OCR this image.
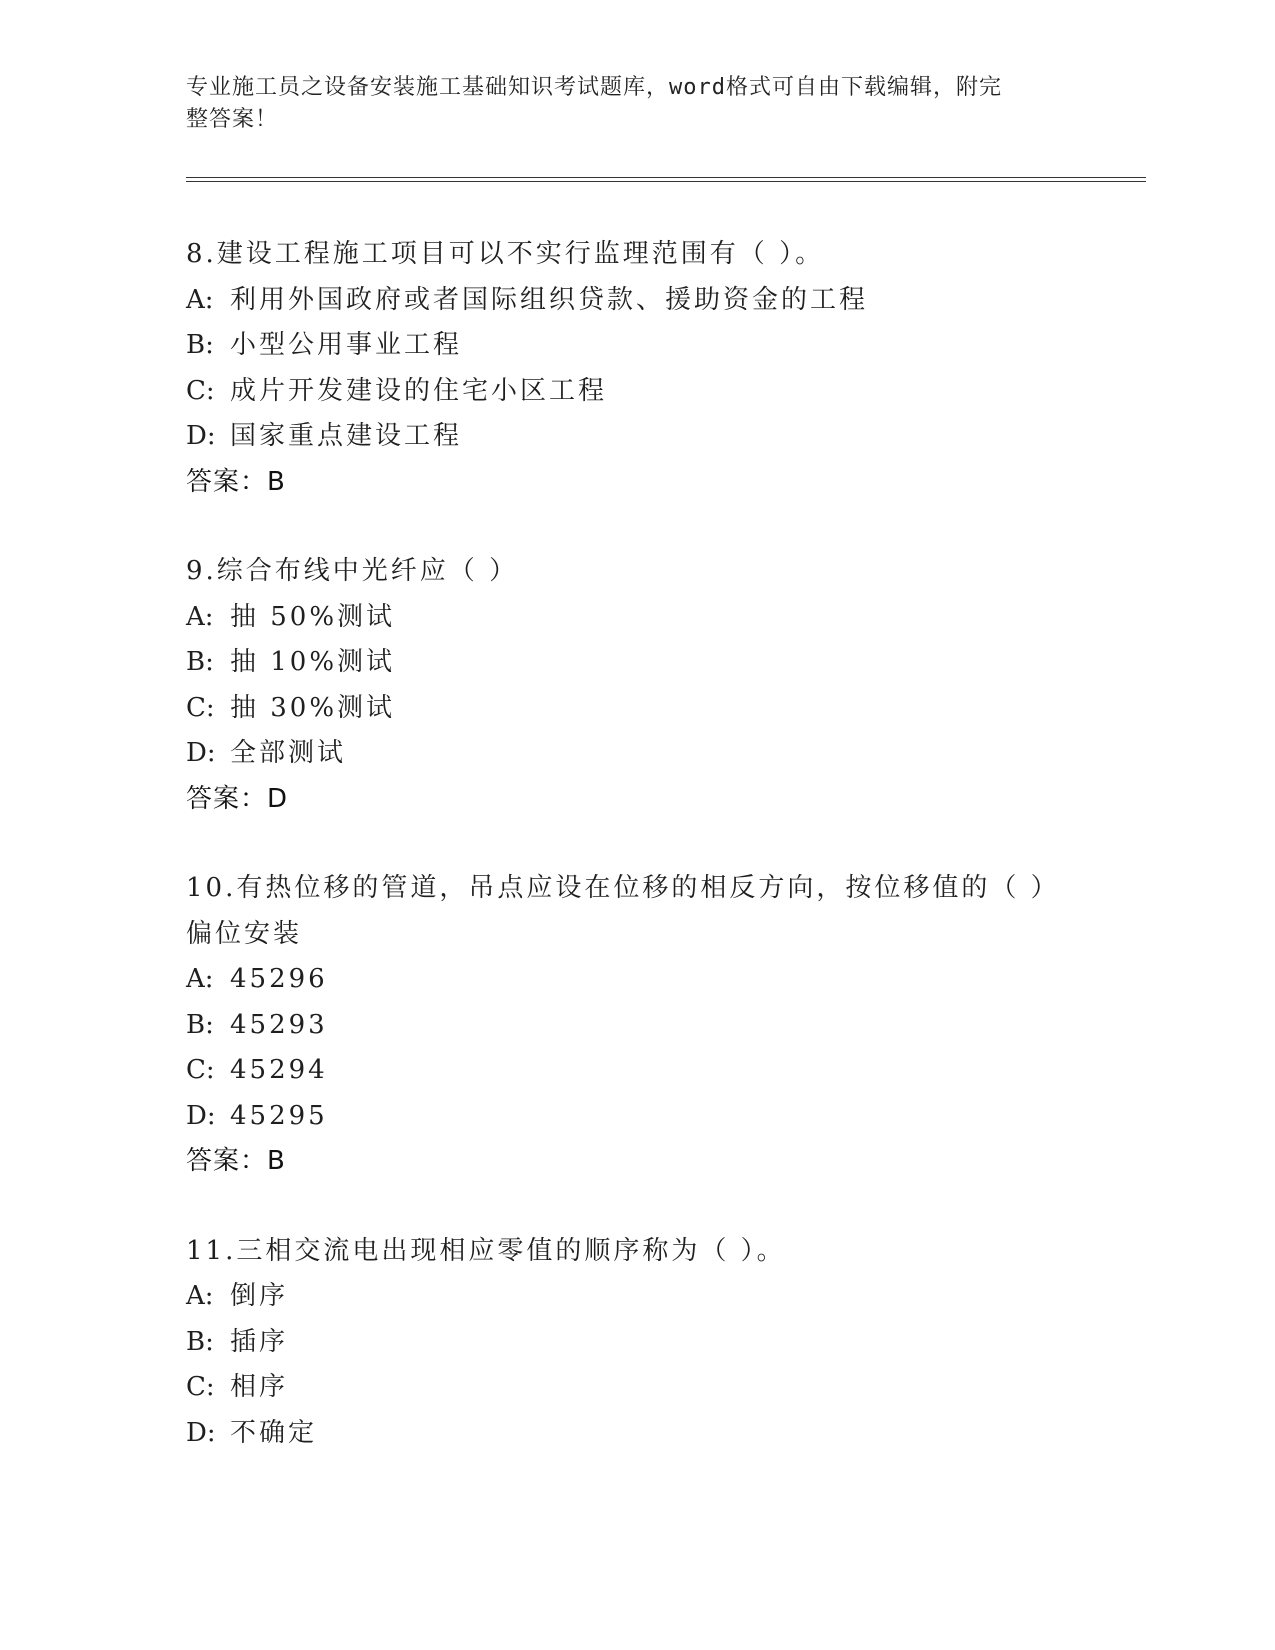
专业施工员之设备安装施工基础知识考试题库，word格式可自由下载编辑，附完
整答案！
8.建设工程施工项目可以不实行监理范围有（ ）。
A: 利用外国政府或者国际组织贷款、援助资金的工程
B: 小型公用事业工程
C: 成片开发建设的住宅小区工程
D: 国家重点建设工程
答案：B
9.综合布线中光纤应（ ）
A: 抽 50%测试
B: 抽 10%测试
C: 抽 30%测试
D: 全部测试
答案：D
10.有热位移的管道，吊点应设在位移的相反方向，按位移值的（ ）偏位安装
A: 45296
B: 45293
C: 45294
D: 45295
答案：B
11.三相交流电出现相应零值的顺序称为（ ）。
A: 倒序
B: 插序
C: 相序
D: 不确定
